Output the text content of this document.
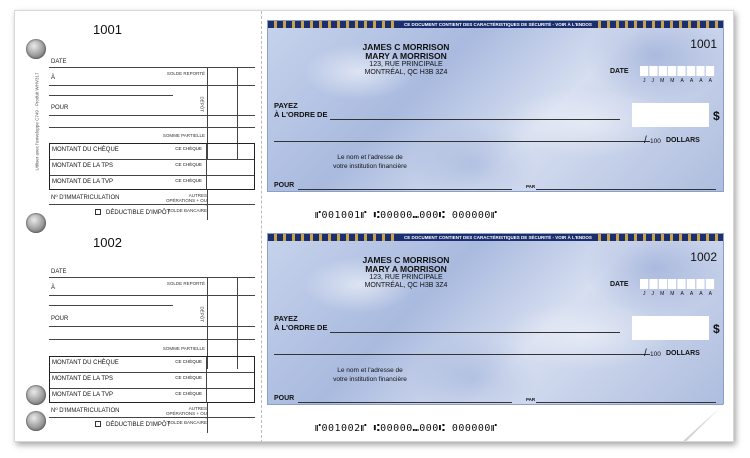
Utiliser avec l'enveloppe C749 · Produit WHV317
1001
DATE
À
POUR
SOLDE REPORTÉ
DÉPÔT
SOMME PARTIELLE
MONTANT DU CHÈQUE	CE CHÈQUE
MONTANT DE LA TPS	CE CHÈQUE
MONTANT DE LA TVP	CE CHÈQUE
Nº D'IMMATRICULATION	AUTRES OPÉRATIONS + OU -
DÉDUCTIBLE D'IMPÔT
SOLDE BANCAIRE
1002
DATE
À
POUR
SOLDE REPORTÉ
DÉPÔT
SOMME PARTIELLE
MONTANT DU CHÈQUE	CE CHÈQUE
MONTANT DE LA TPS	CE CHÈQUE
MONTANT DE LA TVP	CE CHÈQUE
Nº D'IMMATRICULATION	AUTRES OPÉRATIONS + OU -
DÉDUCTIBLE D'IMPÔT
SOLDE BANCAIRE
CE DOCUMENT CONTIENT DES CARACTÉRISTIQUES DE SÉCURITÉ - VOIR À L'ENDOS
JAMES C MORRISON
MARY A MORRISON
123, RUE PRINCIPALE
MONTRÉAL, QC H3B 3Z4
1001
DATE
J J M M A A A A
PAYEZ
À L'ORDRE DE	$
/ 100 DOLLARS
Le nom et l'adresse de
votre institution financière
POUR	PAR
⑈001001⑈ ⑆00000⑉000⑆ 000000⑈
CE DOCUMENT CONTIENT DES CARACTÉRISTIQUES DE SÉCURITÉ - VOIR À L'ENDOS
JAMES C MORRISON
MARY A MORRISON
123, RUE PRINCIPALE
MONTRÉAL, QC H3B 3Z4
1002
DATE
J J M M A A A A
PAYEZ
À L'ORDRE DE	$
/ 100 DOLLARS
Le nom et l'adresse de
votre institution financière
POUR	PAR
⑈001002⑈ ⑆00000⑉000⑆ 000000⑈
